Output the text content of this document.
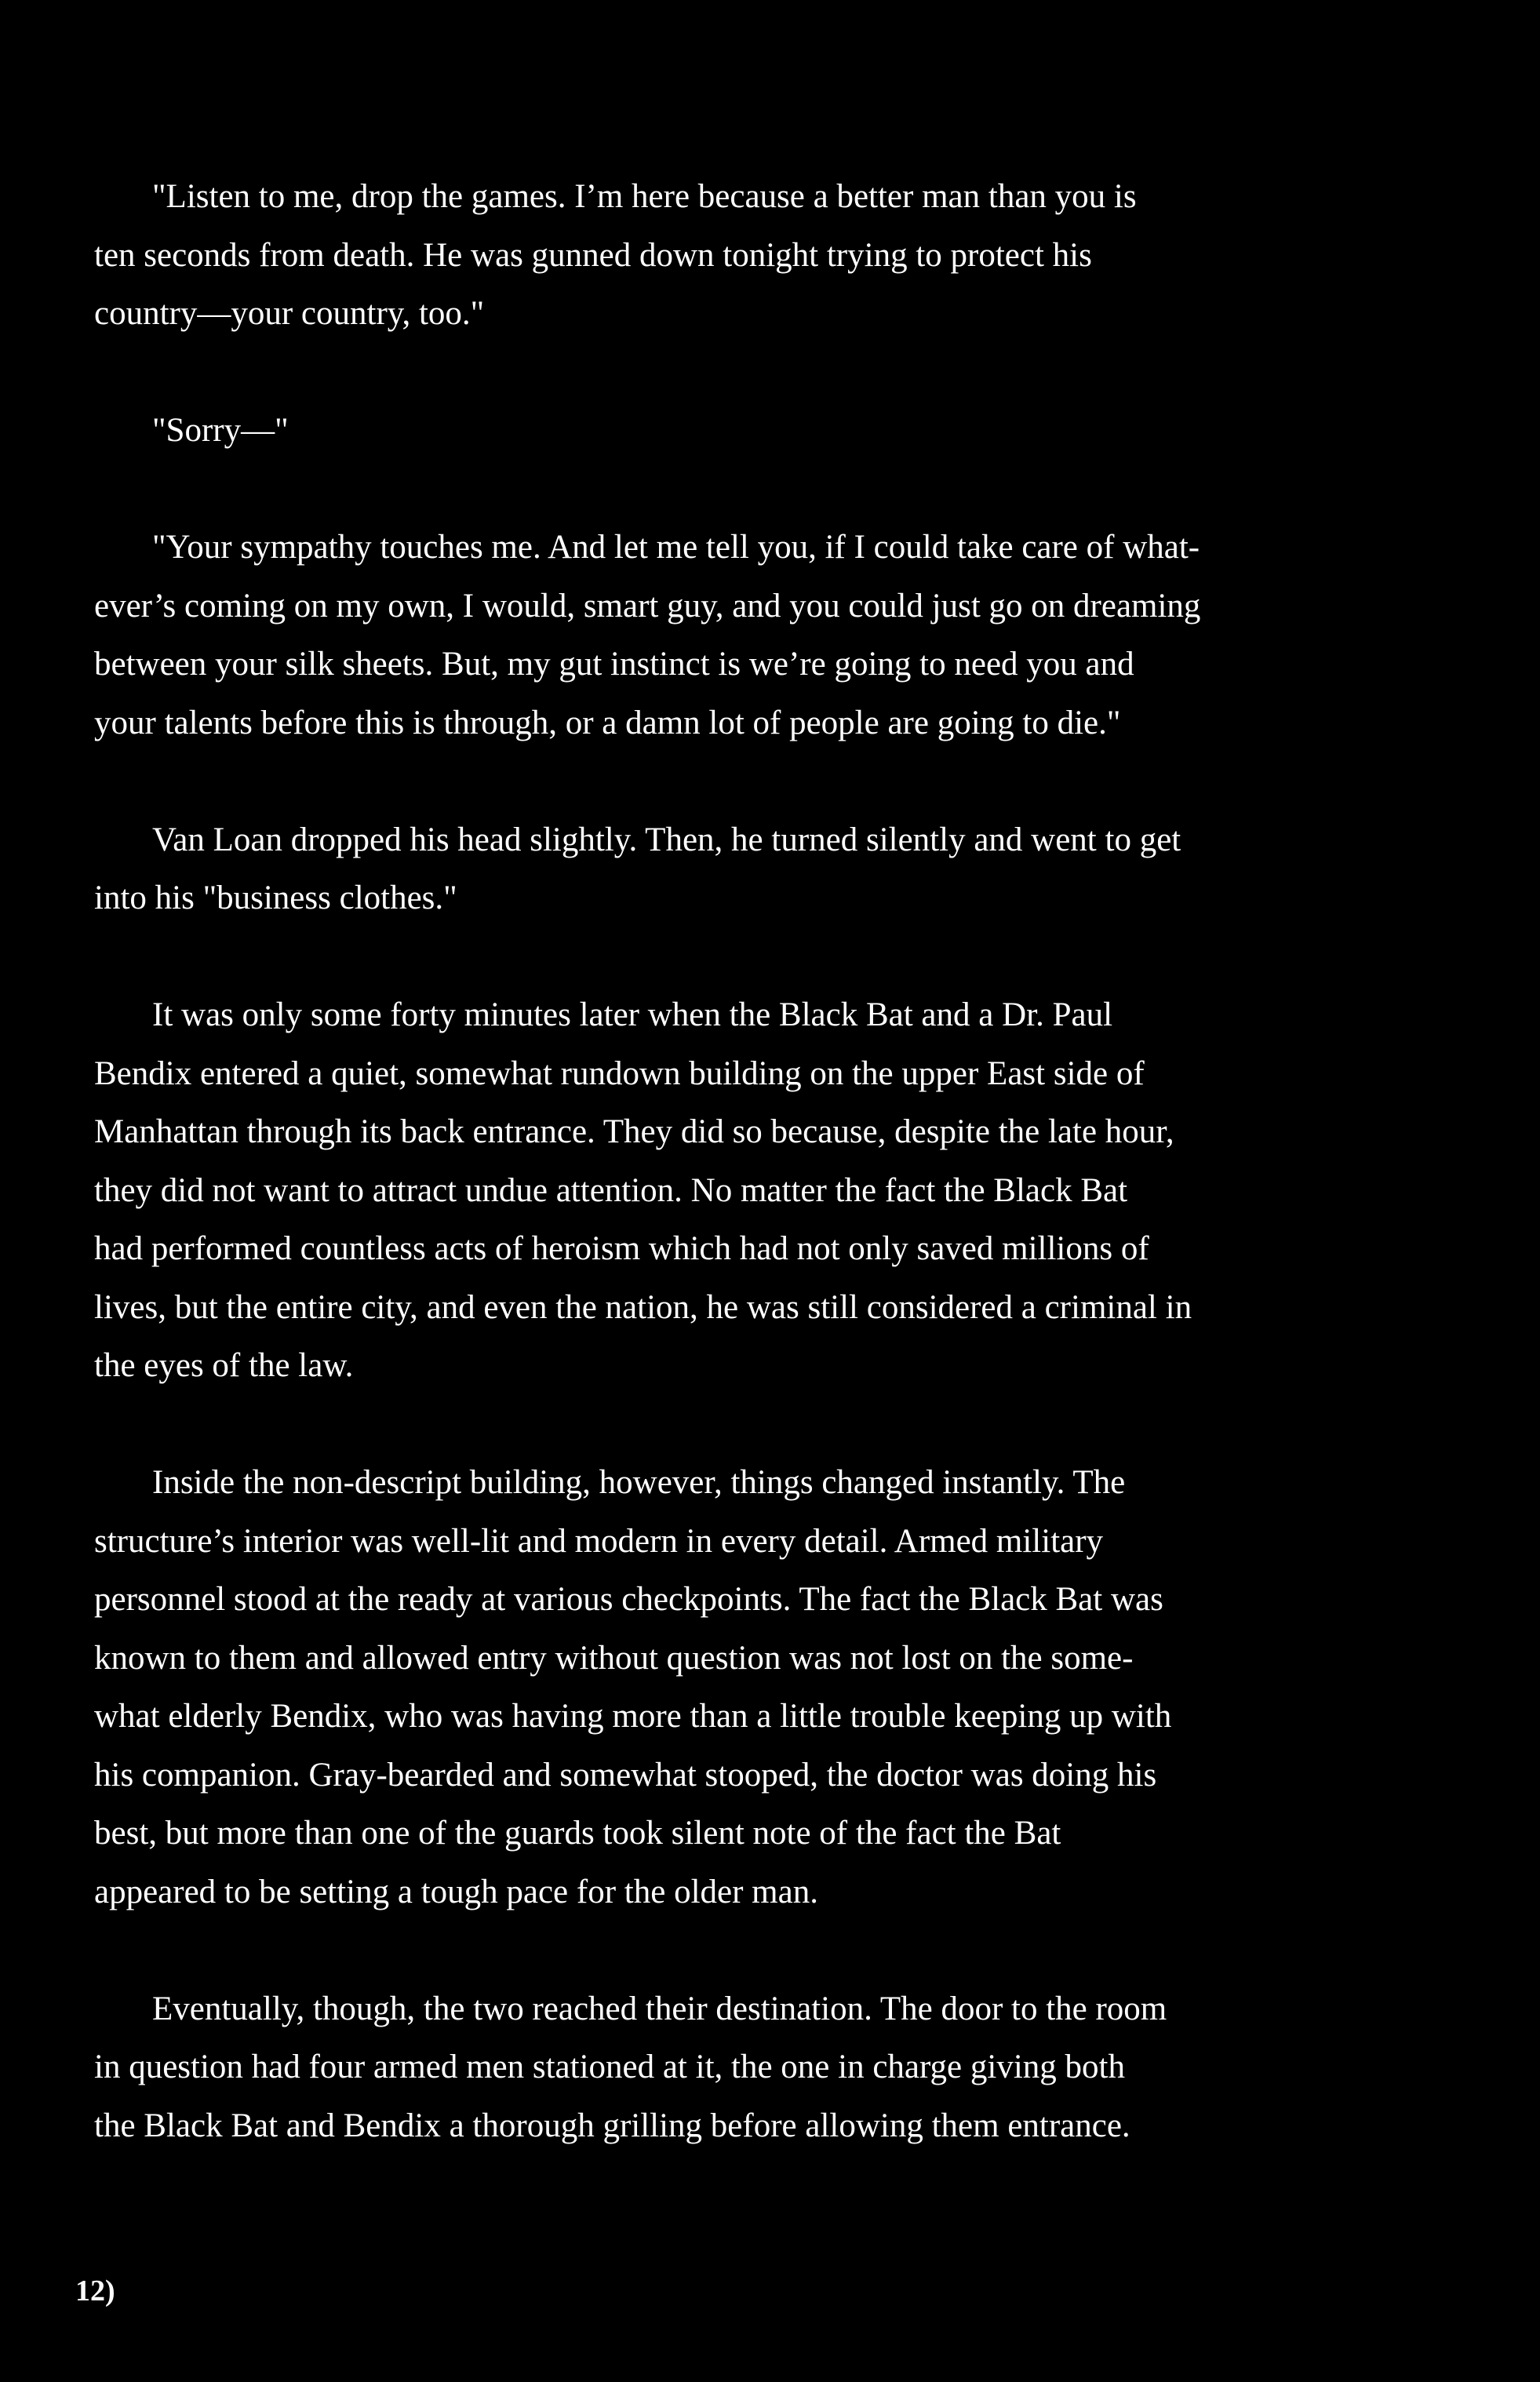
"Listen to me, drop the games. I’m here because a better man than you is
ten seconds from death. He was gunned down tonight trying to protect his
country—your country, too."

"Sorry—"

"Your sympathy touches me. And let me tell you, if I could take care of what-
ever’s coming on my own, I would, smart guy, and you could just go on dreaming
between your silk sheets. But, my gut instinct is we’re going to need you and
your talents before this is through, or a damn lot of people are going to die."

Van Loan dropped his head slightly. Then, he turned silently and went to get
into his "business clothes."

It was only some forty minutes later when the Black Bat and a Dr. Paul
Bendix entered a quiet, somewhat rundown building on the upper East side of
Manhattan through its back entrance. They did so because, despite the late hour,
they did not want to attract undue attention. No matter the fact the Black Bat
had performed countless acts of heroism which had not only saved millions of
lives, but the entire city, and even the nation, he was still considered a criminal in
the eyes of the law.

Inside the non-descript building, however, things changed instantly. The
structure’s interior was well-lit and modern in every detail. Armed military
personnel stood at the ready at various checkpoints. The fact the Black Bat was
known to them and allowed entry without question was not lost on the some-
what elderly Bendix, who was having more than a little trouble keeping up with
his companion. Gray-bearded and somewhat stooped, the doctor was doing his
best, but more than one of the guards took silent note of the fact the Bat
appeared to be setting a tough pace for the older man.

Eventually, though, the two reached their destination. The door to the room
in question had four armed men stationed at it, the one in charge giving both
the Black Bat and Bendix a thorough grilling before allowing them entrance.

12)
